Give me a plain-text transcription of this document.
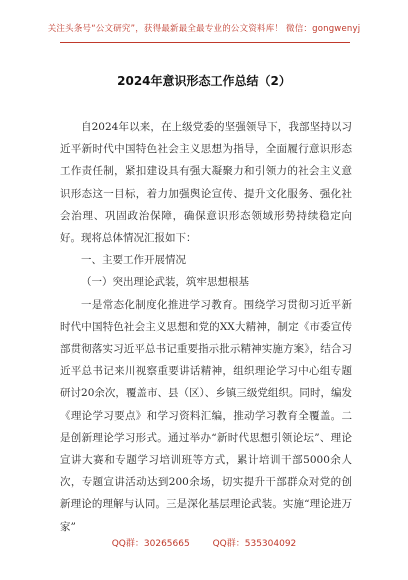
关注头条号“公文研究”，获得最新最全最专业的公文资料库！ 微信：gongwenyj
2024年意识形态工作总结（2）

自2024年以来，在上级党委的坚强领导下，我部坚持以习近平新时代中国特色社会主义思想为指导，全面履行意识形态工作责任制，紧扣建设具有强大凝聚力和引领力的社会主义意识形态这一目标，着力加强舆论宣传、提升文化服务、强化社会治理、巩固政治保障，确保意识形态领域形势持续稳定向好。现将总体情况汇报如下：

一、主要工作开展情况

（一）突出理论武装，筑牢思想根基

一是常态化制度化推进学习教育。围绕学习贯彻习近平新时代中国特色社会主义思想和党的XX大精神，制定《市委宣传部贯彻落实习近平总书记重要指示批示精神实施方案》，结合习近平总书记来川视察重要讲话精神，组织理论学习中心组专题研讨20余次，覆盖市、县（区）、乡镇三级党组织。同时，编发《理论学习要点》和学习资料汇编，推动学习教育全覆盖。二是创新理论学习形式。通过举办“新时代思想引领论坛”、理论宣讲大赛和专题学习培训班等方式，累计培训干部5000余人次，专题宣讲活动达到200余场，切实提升干部群众对党的创新理论的理解与认同。三是深化基层理论武装。实施“理论进万家”

QQ群：30265665	QQ群：535304092
